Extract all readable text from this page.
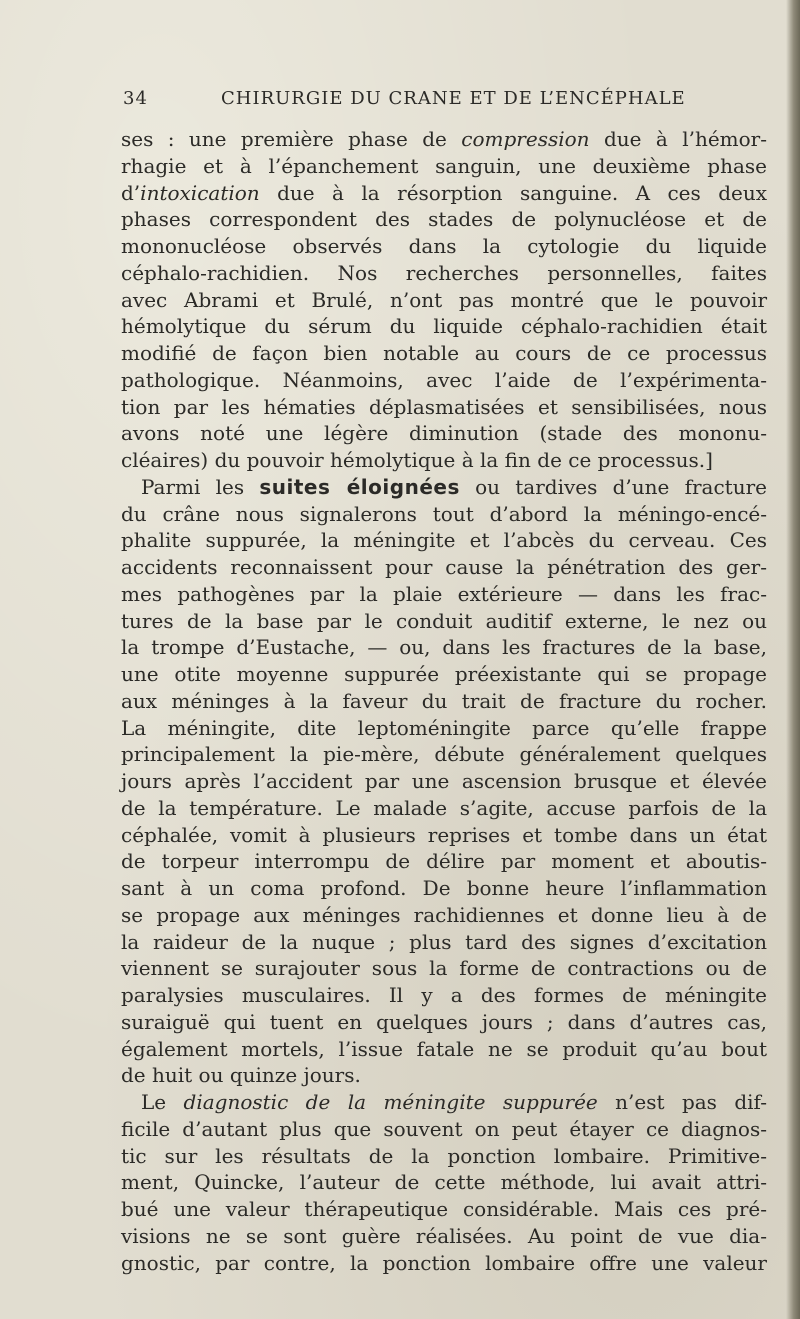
34	CHIRURGIE DU CRANE ET DE L’ENCÉPHALE
ses : une première phase de compression due à l’hémor-
rhagie et à l’épanchement sanguin, une deuxième phase
d’intoxication due à la résorption sanguine. A ces deux
phases correspondent des stades de polynucléose et de
mononucléose observés dans la cytologie du liquide
céphalo-rachidien. Nos recherches personnelles, faites
avec Abrami et Brulé, n’ont pas montré que le pouvoir
hémolytique du sérum du liquide céphalo-rachidien était
modifié de façon bien notable au cours de ce processus
pathologique. Néanmoins, avec l’aide de l’expérimenta-
tion par les hématies déplasmatisées et sensibilisées, nous
avons noté une légère diminution (stade des mononu-
cléaires) du pouvoir hémolytique à la fin de ce processus.]
Parmi les suites éloignées ou tardives d’une fracture
du crâne nous signalerons tout d’abord la méningo-encé-
phalite suppurée, la méningite et l’abcès du cerveau. Ces
accidents reconnaissent pour cause la pénétration des ger-
mes pathogènes par la plaie extérieure — dans les frac-
tures de la base par le conduit auditif externe, le nez ou
la trompe d’Eustache, — ou, dans les fractures de la base,
une otite moyenne suppurée préexistante qui se propage
aux méninges à la faveur du trait de fracture du rocher.
La méningite, dite leptoméningite parce qu’elle frappe
principalement la pie-mère, débute généralement quelques
jours après l’accident par une ascension brusque et élevée
de la température. Le malade s’agite, accuse parfois de la
céphalée, vomit à plusieurs reprises et tombe dans un état
de torpeur interrompu de délire par moment et aboutis-
sant à un coma profond. De bonne heure l’inflammation
se propage aux méninges rachidiennes et donne lieu à de
la raideur de la nuque ; plus tard des signes d’excitation
viennent se surajouter sous la forme de contractions ou de
paralysies musculaires. Il y a des formes de méningite
suraiguë qui tuent en quelques jours ; dans d’autres cas,
également mortels, l’issue fatale ne se produit qu’au bout
de huit ou quinze jours.
Le diagnostic de la méningite suppurée n’est pas dif-
ficile d’autant plus que souvent on peut étayer ce diagnos-
tic sur les résultats de la ponction lombaire. Primitive-
ment, Quincke, l’auteur de cette méthode, lui avait attri-
bué une valeur thérapeutique considérable. Mais ces pré-
visions ne se sont guère réalisées. Au point de vue dia-
gnostic, par contre, la ponction lombaire offre une valeur
